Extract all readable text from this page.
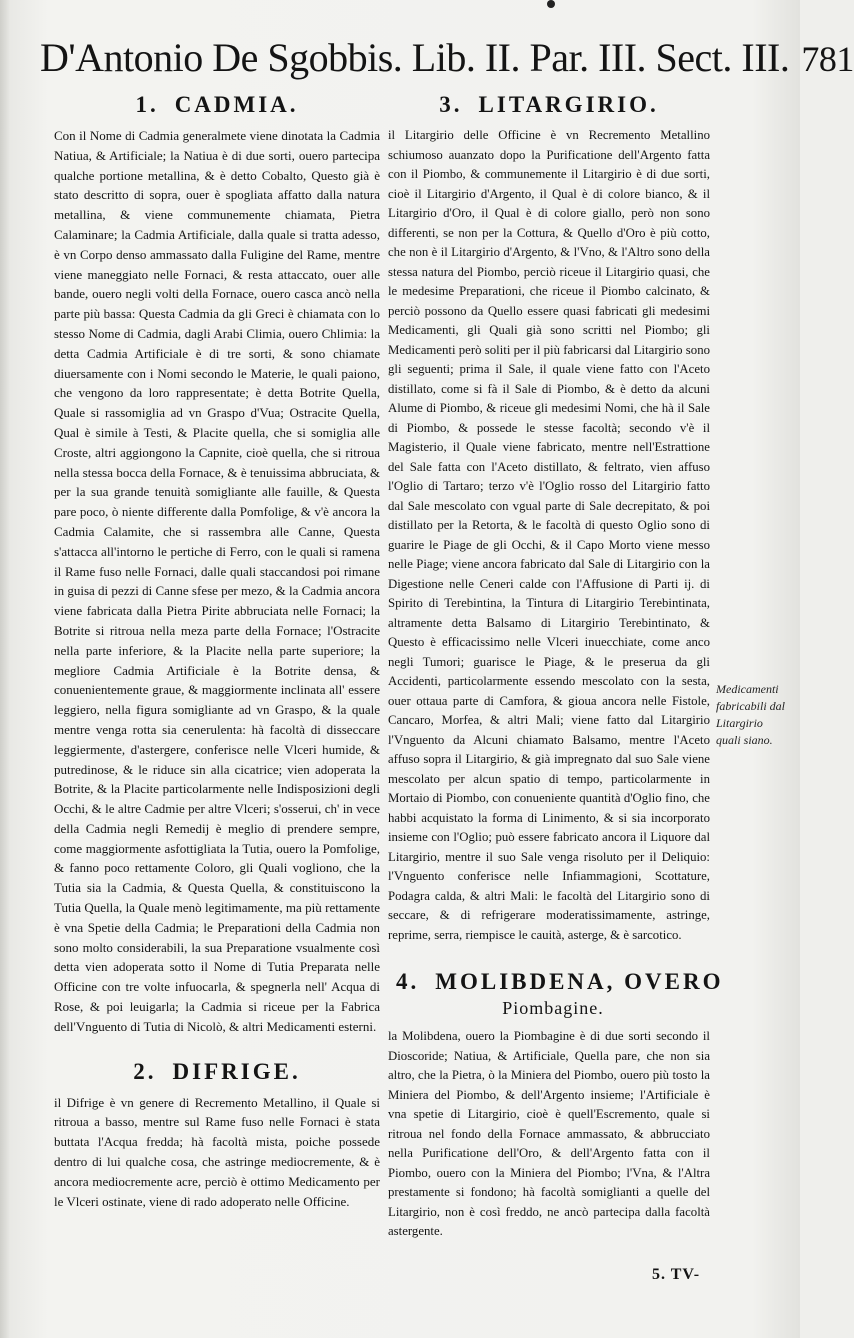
D'Antonio De Sgobbis. Lib. II. Par. III. Sect. III. 781
1. CADMIA.

Con il Nome di Cadmia generalmete viene dinotata la Cadmia Natiua, & Artificiale; la Natiua è di due sorti, ouero partecipa qualche portione metallina, & è detto Cobalto, Questo già è stato descritto di sopra, ouer è spogliata affatto dalla natura metallina, & viene communemente chiamata, Pietra Calaminare; la Cadmia Artificiale, dalla quale si tratta adesso, è vn Corpo denso ammassato dalla Fuligine del Rame, mentre viene maneggiato nelle Fornaci, & resta attaccato, ouer alle bande, ouero negli volti della Fornace, ouero casca ancò nella parte più bassa: Questa Cadmia da gli Greci è chiamata con lo stesso Nome di Cadmia, dagli Arabi Climia, ouero Chlimia: la detta Cadmia Artificiale è di tre sorti, & sono chiamate diuersamente con i Nomi secondo le Materie, le quali paiono, che vengono da loro rappresentate; è detta Botrite Quella, Quale si rassomiglia ad vn Graspo d'Vua; Ostracite Quella, Qual è simile à Testi, & Placite quella, che si somiglia alle Croste, altri aggiongono la Capnite, cioè quella, che si ritroua nella stessa bocca della Fornace, & è tenuissima abbruciata, & per la sua grande tenuità somigliante alle fauille, & Questa pare poco, ò niente differente dalla Pomfolige, & v'è ancora la Cadmia Calamite, che si rassembra alle Canne, Questa s'attacca all'intorno le pertiche di Ferro, con le quali si ramena il Rame fuso nelle Fornaci, dalle quali staccandosi poi rimane in guisa di pezzi di Canne sfese per mezo, & la Cadmia ancora viene fabricata dalla Pietra Pirite abbruciata nelle Fornaci; la Botrite si ritroua nella meza parte della Fornace; l'Ostracite nella parte inferiore, & la Placite nella parte superiore; la megliore Cadmia Artificiale è la Botrite densa, & conuenientemente graue, & maggiormente inclinata all' essere leggiero, nella figura somigliante ad vn Graspo, & la quale mentre venga rotta sia cenerulenta: hà facoltà di disseccare leggiermente, d'astergere, conferisce nelle Vlceri humide, & putredinose, & le riduce sin alla cicatrice; vien adoperata la Botrite, & la Placite particolarmente nelle Indisposizioni degli Occhi, & le altre Cadmie per altre Vlceri; s'osserui, ch' in vece della Cadmia negli Remedij è meglio di prendere sempre, come maggiormente asfottigliata la Tutia, ouero la Pomfolige, & fanno poco rettamente Coloro, gli Quali vogliono, che la Tutia sia la Cadmia, & Questa Quella, & constituiscono la Tutia Quella, la Quale menò legitimamente, ma più rettamente è vna Spetie della Cadmia; le Preparationi della Cadmia non sono molto considerabili, la sua Preparatione vsualmente così detta vien adoperata sotto il Nome di Tutia Preparata nelle Officine con tre volte infuocarla, & spegnerla nell' Acqua di Rose, & poi leuigarla; la Cadmia si riceue per la Fabrica dell'Vnguento di Tutia di Nicolò, & altri Medicamenti esterni.

2. DIFRIGE.

il Difrige è vn genere di Recremento Metallino, il Quale si ritroua a basso, mentre sul Rame fuso nelle Fornaci è stata buttata l'Acqua fredda; hà facoltà mista, poiche possede dentro di lui qualche cosa, che astringe mediocremente, & è ancora mediocremente acre, perciò è ottimo Medicamento per le Vlceri ostinate, viene di rado adoperato nelle Officine.

3. LITARGIRIO.

il Litargirio delle Officine è vn Recremento Metallino schiumoso auanzato dopo la Purificatione dell'Argento fatta con il Piombo, & communemente il Litargirio è di due sorti, cioè il Litargirio d'Argento, il Qual è di colore bianco, & il Litargirio d'Oro, il Qual è di colore giallo, però non sono differenti, se non per la Cottura, & Quello d'Oro è più cotto, che non è il Litargirio d'Argento, & l'Vno, & l'Altro sono della stessa natura del Piombo, perciò riceue il Litargirio quasi, che le medesime Preparationi, che riceue il Piombo calcinato, & perciò possono da Quello essere quasi fabricati gli medesimi Medicamenti, gli Quali già sono scritti nel Piombo; gli Medicamenti però soliti per il più fabricarsi dal Litargirio sono gli seguenti; prima il Sale, il quale viene fatto con l'Aceto distillato, come si fà il Sale di Piombo, & è detto da alcuni Alume di Piombo, & riceue gli medesimi Nomi, che hà il Sale di Piombo, & possede le stesse facoltà; secondo v'è il Magisterio, il Quale viene fabricato, mentre nell'Estrattione del Sale fatta con l'Aceto distillato, & feltrato, vien affuso l'Oglio di Tartaro; terzo v'è l'Oglio rosso del Litargirio fatto dal Sale mescolato con vgual parte di Sale decrepitato, & poi distillato per la Retorta, & le facoltà di questo Oglio sono di guarire le Piage de gli Occhi, & il Capo Morto viene messo nelle Piage; viene ancora fabricato dal Sale di Litargirio con la Digestione nelle Ceneri calde con l'Affusione di Parti ij. di Spirito di Terebintina, la Tintura di Litargirio Terebintinata, altramente detta Balsamo di Litargirio Terebintinato, & Questo è efficacissimo nelle Vlceri inuecchiate, come anco negli Tumori; guarisce le Piage, & le preserua da gli Accidenti, particolarmente essendo mescolato con la sesta, ouer ottaua parte di Camfora, & gioua ancora nelle Fistole, Cancaro, Morfea, & altri Mali; viene fatto dal Litargirio l'Vnguento da Alcuni chiamato Balsamo, mentre l'Aceto affuso sopra il Litargirio, & già impregnato dal suo Sale viene mescolato per alcun spatio di tempo, particolarmente in Mortaio di Piombo, con conueniente quantità d'Oglio fino, che habbi acquistato la forma di Linimento, & si sia incorporato insieme con l'Oglio; può essere fabricato ancora il Liquore dal Litargirio, mentre il suo Sale venga risoluto per il Deliquio: l'Vnguento conferisce nelle Infiammagioni, Scottature, Podagra calda, & altri Mali: le facoltà del Litargirio sono di seccare, & di refrigerare moderatissimamente, astringe, reprime, serra, riempisce le cauità, asterge, & è sarcotico.

4. MOLIBDENA, OVERO
Piombagine.

la Molibdena, ouero la Piombagine è di due sorti secondo il Dioscoride; Natiua, & Artificiale, Quella pare, che non sia altro, che la Pietra, ò la Miniera del Piombo, ouero più tosto la Miniera del Piombo, & dell'Argento insieme; l'Artificiale è vna spetie di Litargirio, cioè è quell'Escremento, quale si ritroua nel fondo della Fornace ammassato, & abbrucciato nella Purificatione dell'Oro, & dell'Argento fatta con il Piombo, ouero con la Miniera del Piombo; l'Vna, & l'Altra prestamente si fondono; hà facoltà somiglianti a quelle del Litargirio, non è così freddo, ne ancò partecipa dalla facoltà astergente.

Medicamenti fabricabili dal Litargirio quali siano.
5. TV-
